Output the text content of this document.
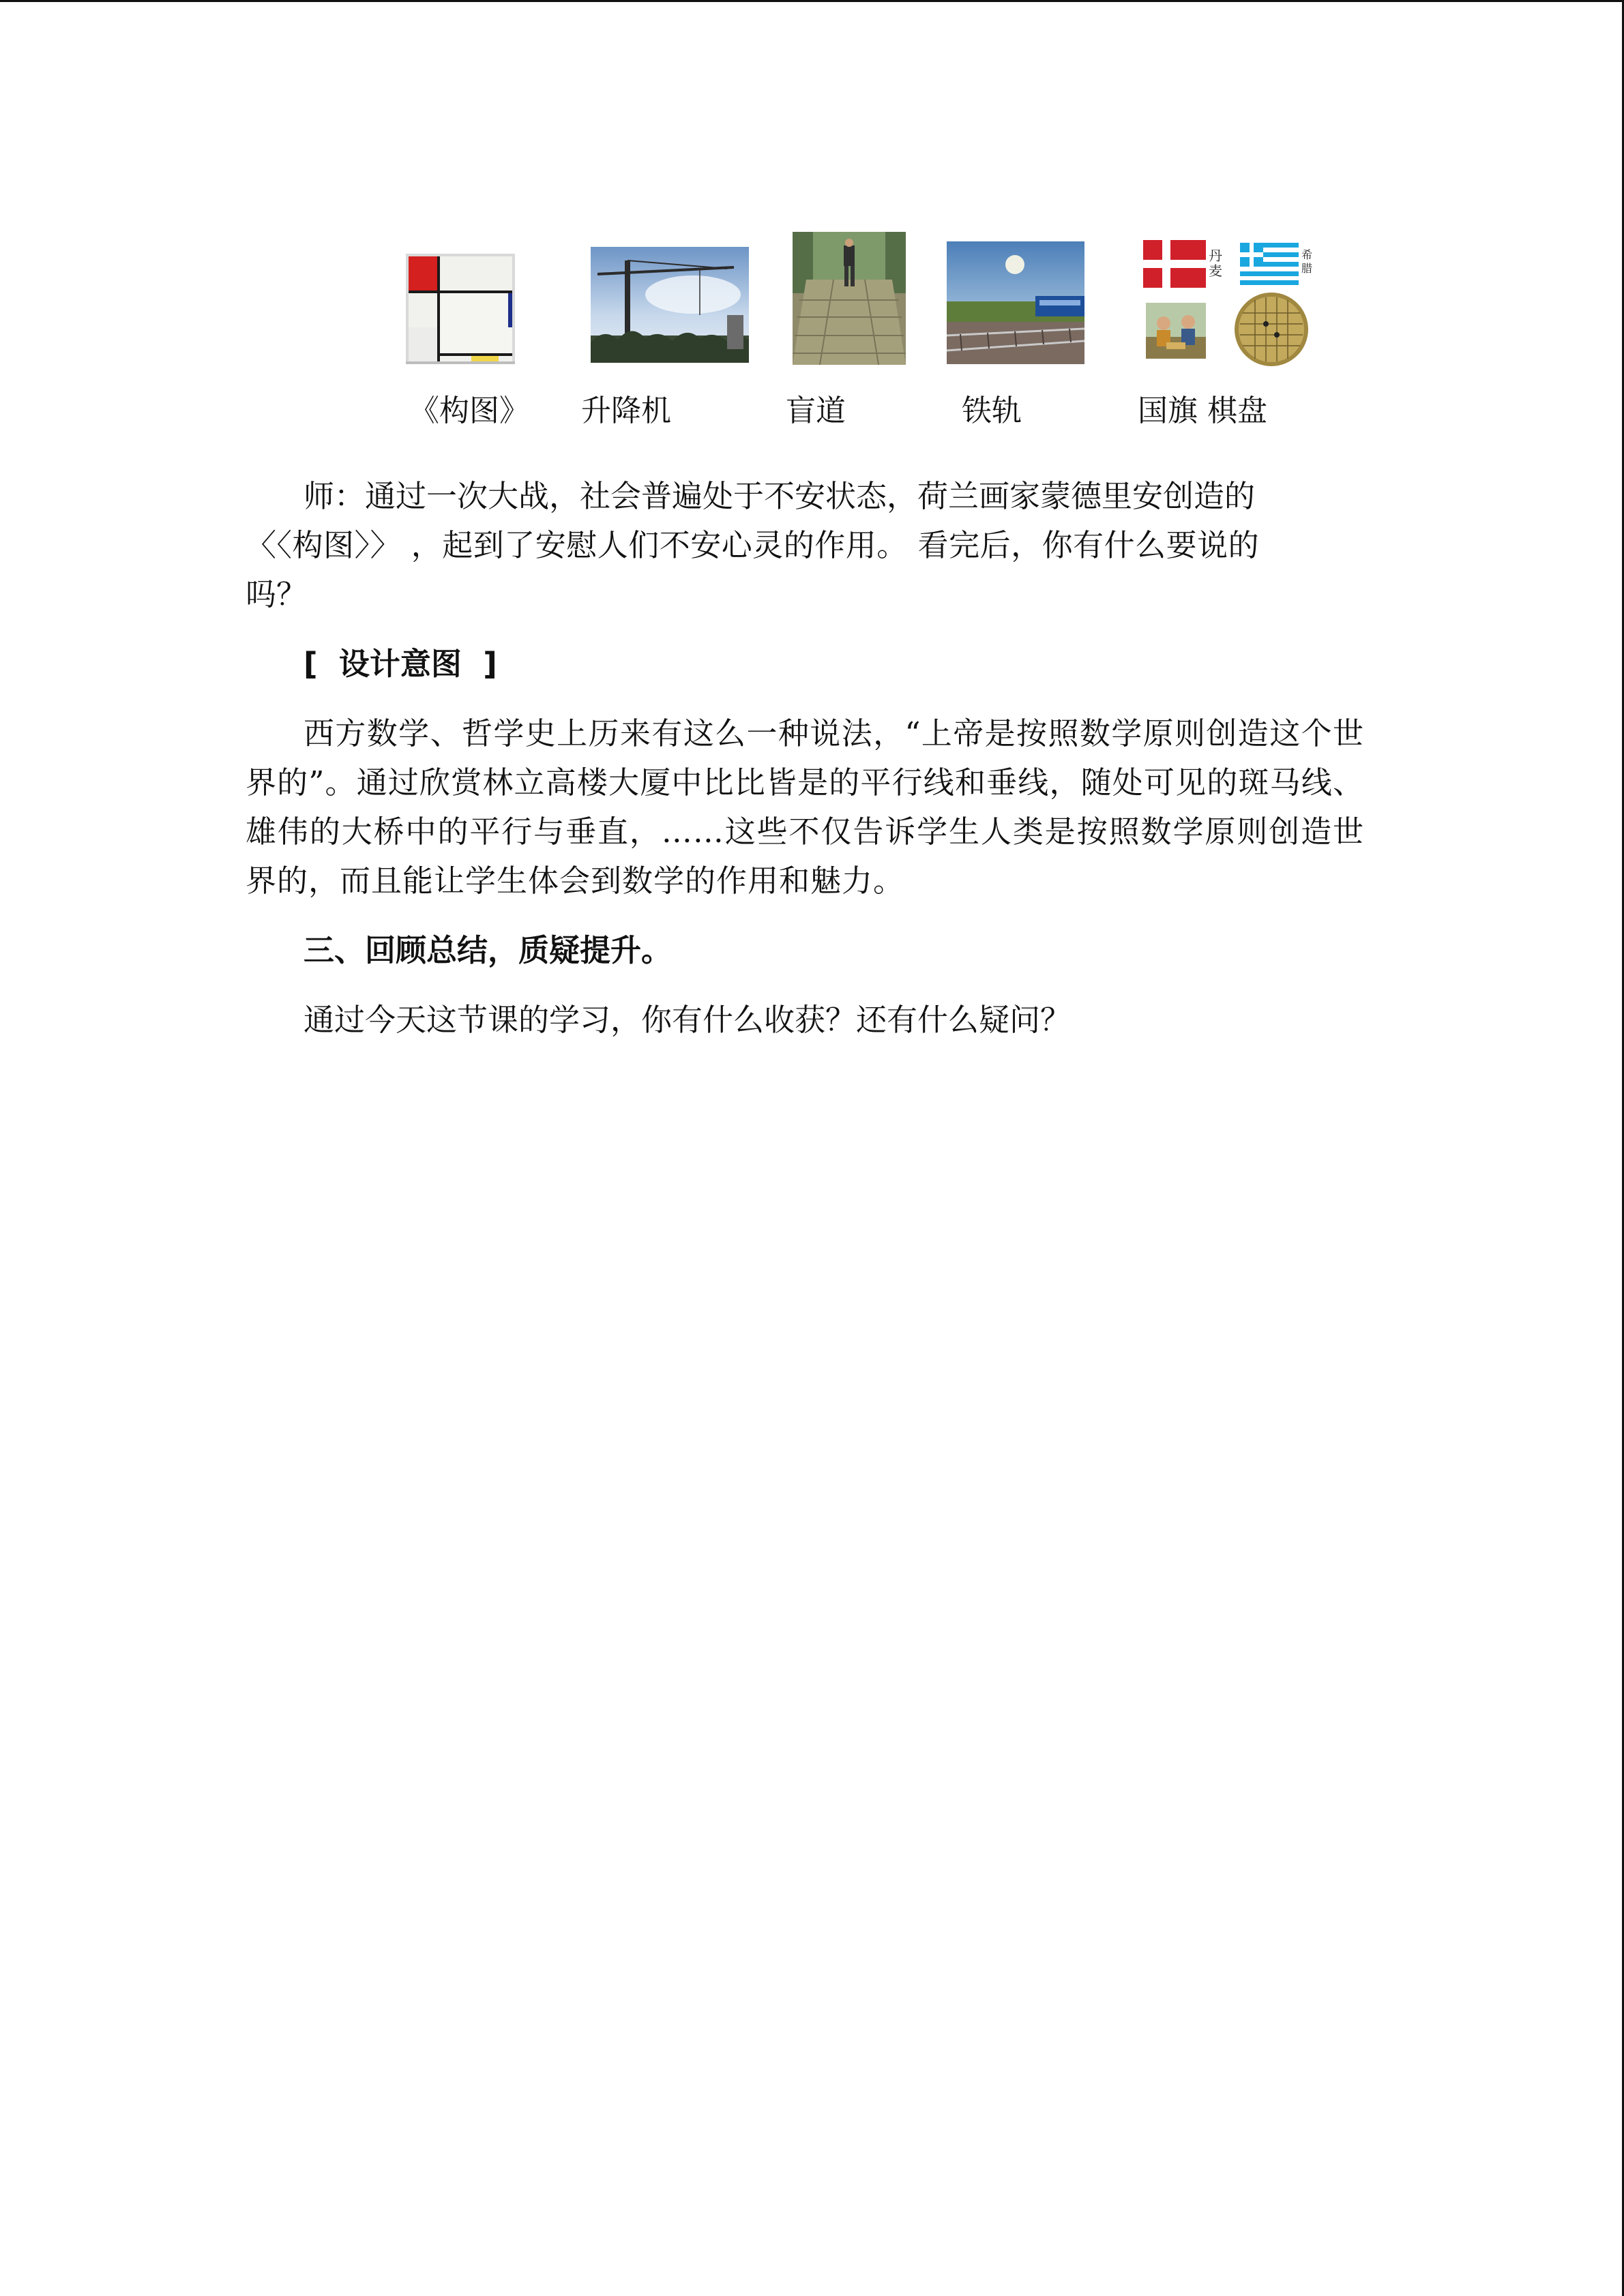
《构图》 升降机	盲道	铁轨
丹麦
希腊
国旗 棋盘

师：通过一次大战，社会普遍处于不安状态，荷兰画家蒙德里安创造的

〈〈构图〉〉 ，起到了安慰人们不安心灵的作用。 看完后，你有什么要说的

吗？

[  设计意图  ]

西方数学、哲学史上历来有这么一种说法，“上帝是按照数学原则创造这个世界的”。通过欣赏林立高楼大厦中比比皆是的平行线和垂线，随处可见的斑马线、雄伟的大桥中的平行与垂直，……这些不仅告诉学生人类是按照数学原则创造世界的，而且能让学生体会到数学的作用和魅力。

三、回顾总结，质疑提升。

通过今天这节课的学习，你有什么收获？还有什么疑问？
